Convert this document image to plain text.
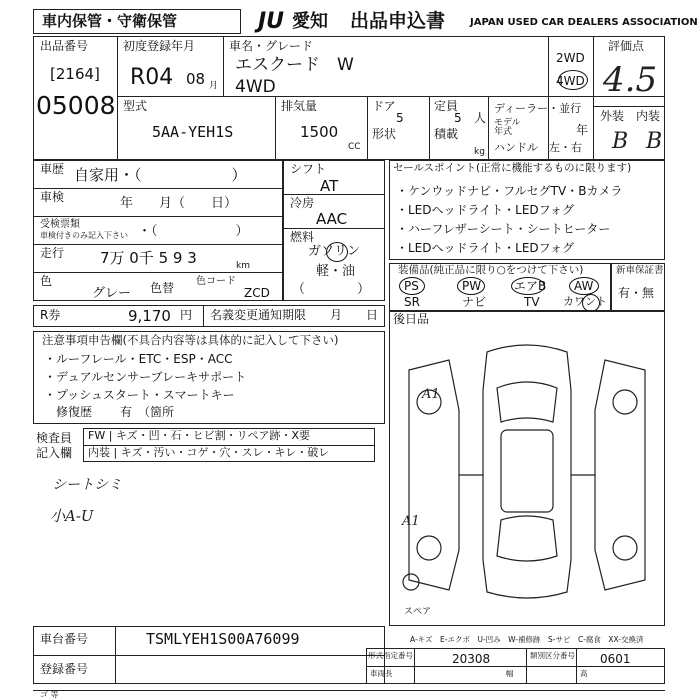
車内保管・守衛保管	JU 愛知 出品申込書 JAPAN USED CAR DEALERS ASSOCIATION
出品番号
[2164]
05008
初度登録年月
R04 08 月
車名・グレード
エスクード　W
4WD
2WD
4WD
評価点
4.5
外装 内装
B B
型式
5AA-YEH1S
排気量
1500
CC
ドア
5
形状
定員
5 人
積載
kg
ディーラー・並行
モデル年式	年
ハンドル　左・右
車歴 自家用・（　　　　　　）
車検	年　　月（　　日）
受検票類
車検付きのみ記入下さい ・（　　　　　　）
走行 7万 0千 5 9 3	km
色
グレー 色替 色コード
ZCD
シフト
AT
冷房
AAC
燃料
ガソリン
軽・油
（　　　　）
R券	9,170 円 名義変更通知期限 月 日
セールスポイント(正常に機能するものに限ります)
・ケンウッドナビ・フルセグTV・Bカメラ
・LEDヘッドライト・LEDフォグ
・ハーフレザーシート・シートヒーター
・LEDヘッドライト・LEDフォグ
装備品(純正品に限り○をつけて下さい)
PS	PW	エアB AW
SR	ナビ	TV カワント
新車保証書
有・無
注意事項申告欄(不具合内容等は具体的に記入して下さい)
・ルーフレール・ETC・ESP・ACC
・デュアルセンサーブレーキサポート
・プッシュスタート・スマートキー
修復歴 有　（箇所
検査員
記入欄
FW | キズ・凹・石・ヒビ割・リペア跡・X要
内装 | キズ・汚い・コゲ・穴・スレ・キレ・破レ
シートシミ
小A-U
後日品
A1
A1
スペア
A-キズ　E-エクボ　U-凹み　W-補修跡　S-サビ　C-腐食　XX-交換済
車台番号	TSMLYEH1S00A76099
登録番号
形式指定番号	20308	類別区分番号 0601
車両長	幅	高
ゴ 等
